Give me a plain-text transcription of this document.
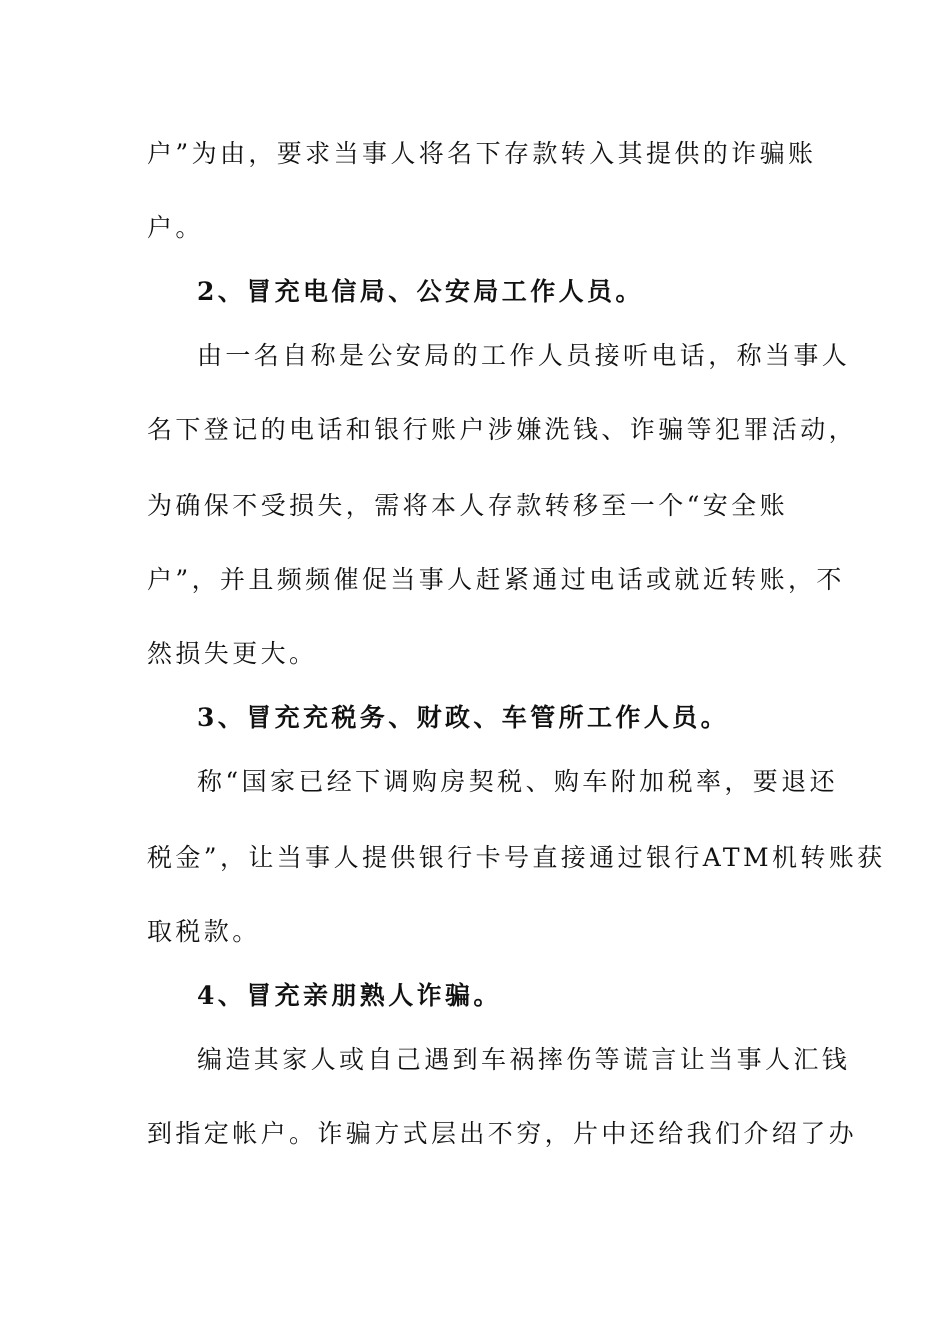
户”为由，要求当事人将名下存款转入其提供的诈骗账
户。
2、冒充电信局、公安局工作人员。
由一名自称是公安局的工作人员接听电话，称当事人
名下登记的电话和银行账户涉嫌洗钱、诈骗等犯罪活动，
为确保不受损失，需将本人存款转移至一个“安全账
户”，并且频频催促当事人赶紧通过电话或就近转账，不
然损失更大。
3、冒充充税务、财政、车管所工作人员。
称“国家已经下调购房契税、购车附加税率，要退还
税金”，让当事人提供银行卡号直接通过银行ATM机转账获
取税款。
4、冒充亲朋熟人诈骗。
编造其家人或自己遇到车祸摔伤等谎言让当事人汇钱
到指定帐户。诈骗方式层出不穷，片中还给我们介绍了办
